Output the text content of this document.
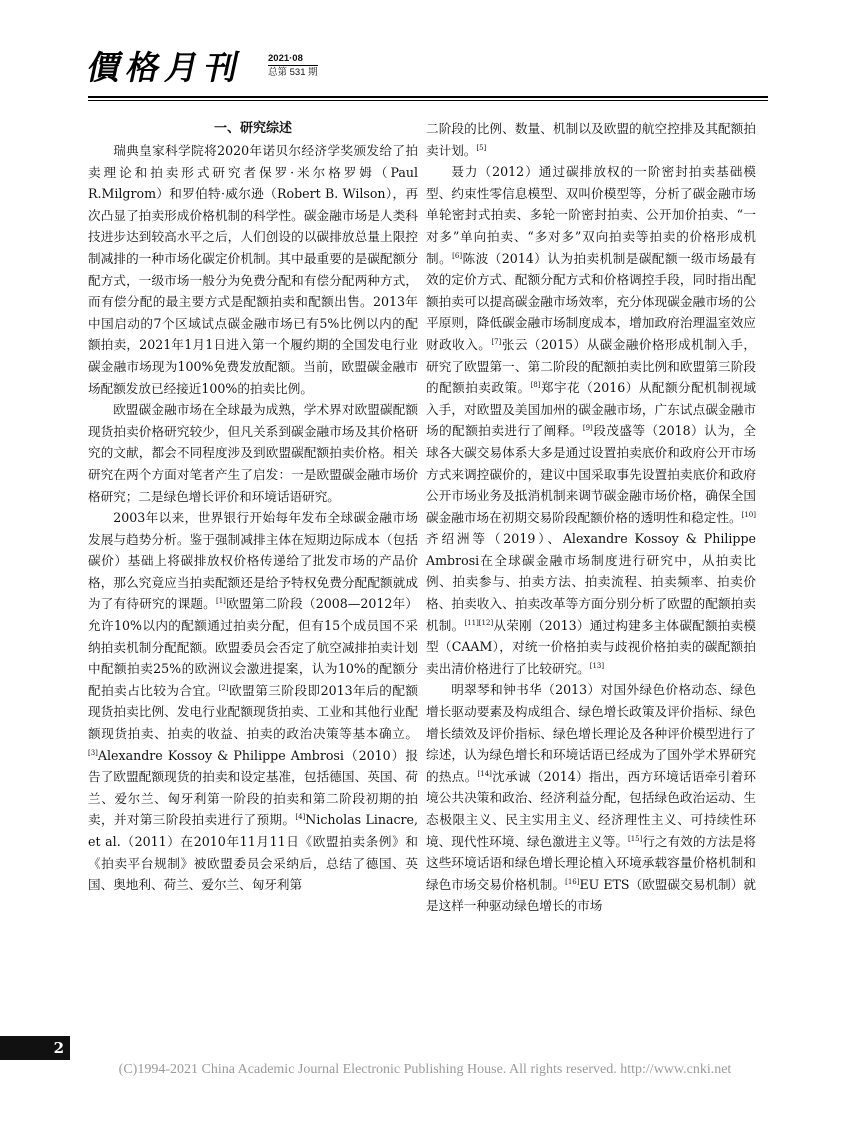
價格月刊 2021·08
总第 531 期
一、研究综述

瑞典皇家科学院将2020年诺贝尔经济学奖颁发给了拍卖理论和拍卖形式研究者保罗·米尔格罗姆（Paul R.Milgrom）和罗伯特·威尔逊（Robert B. Wilson），再次凸显了拍卖形成价格机制的科学性。碳金融市场是人类科技进步达到较高水平之后，人们创设的以碳排放总量上限控制减排的一种市场化碳定价机制。其中最重要的是碳配额分配方式，一级市场一般分为免费分配和有偿分配两种方式，而有偿分配的最主要方式是配额拍卖和配额出售。2013年中国启动的7个区域试点碳金融市场已有5%比例以内的配额拍卖，2021年1月1日进入第一个履约期的全国发电行业碳金融市场现为100%免费发放配额。当前，欧盟碳金融市场配额发放已经接近100%的拍卖比例。

欧盟碳金融市场在全球最为成熟，学术界对欧盟碳配额现货拍卖价格研究较少，但凡关系到碳金融市场及其价格研究的文献，都会不同程度涉及到欧盟碳配额拍卖价格。相关研究在两个方面对笔者产生了启发：一是欧盟碳金融市场价格研究；二是绿色增长评价和环境话语研究。

2003年以来，世界银行开始每年发布全球碳金融市场发展与趋势分析。鉴于强制减排主体在短期边际成本（包括碳价）基础上将碳排放权价格传递给了批发市场的产品价格，那么究竟应当拍卖配额还是给予特权免费分配配额就成为了有待研究的课题。[1]欧盟第二阶段（2008—2012年）允许10%以内的配额通过拍卖分配，但有15个成员国不采纳拍卖机制分配配额。欧盟委员会否定了航空减排拍卖计划中配额拍卖25%的欧洲议会激进提案，认为10%的配额分配拍卖占比较为合宜。[2]欧盟第三阶段即2013年后的配额现货拍卖比例、发电行业配额现货拍卖、工业和其他行业配额现货拍卖、拍卖的收益、拍卖的政治决策等基本确立。[3]Alexandre Kossoy & Philippe Ambrosi（2010）报告了欧盟配额现货的拍卖和设定基准，包括德国、英国、荷兰、爱尔兰、匈牙利第一阶段的拍卖和第二阶段初期的拍卖，并对第三阶段拍卖进行了预期。[4]Nicholas Linacre, et al.（2011）在2010年11月11日《欧盟拍卖条例》和《拍卖平台规制》被欧盟委员会采纳后，总结了德国、英国、奥地利、荷兰、爱尔兰、匈牙利第

二阶段的比例、数量、机制以及欧盟的航空控排及其配额拍卖计划。[5]

聂力（2012）通过碳排放权的一阶密封拍卖基础模型、约束性零信息模型、双叫价模型等，分析了碳金融市场单轮密封式拍卖、多轮一阶密封拍卖、公开加价拍卖、“一对多”单向拍卖、“多对多”双向拍卖等拍卖的价格形成机制。[6]陈波（2014）认为拍卖机制是碳配额一级市场最有效的定价方式、配额分配方式和价格调控手段，同时指出配额拍卖可以提高碳金融市场效率，充分体现碳金融市场的公平原则，降低碳金融市场制度成本，增加政府治理温室效应财政收入。[7]张云（2015）从碳金融价格形成机制入手，研究了欧盟第一、第二阶段的配额拍卖比例和欧盟第三阶段的配额拍卖政策。[8]郑宇花（2016）从配额分配机制视域入手，对欧盟及美国加州的碳金融市场，广东试点碳金融市场的配额拍卖进行了阐释。[9]段茂盛等（2018）认为，全球各大碳交易体系大多是通过设置拍卖底价和政府公开市场方式来调控碳价的，建议中国采取事先设置拍卖底价和政府公开市场业务及抵消机制来调节碳金融市场价格，确保全国碳金融市场在初期交易阶段配额价格的透明性和稳定性。[10]齐绍洲等（2019）、Alexandre Kossoy & Philippe Ambrosi在全球碳金融市场制度进行研究中，从拍卖比例、拍卖参与、拍卖方法、拍卖流程、拍卖频率、拍卖价格、拍卖收入、拍卖改革等方面分别分析了欧盟的配额拍卖机制。[11][12]从荣刚（2013）通过构建多主体碳配额拍卖模型（CAAM），对统一价格拍卖与歧视价格拍卖的碳配额拍卖出清价格进行了比较研究。[13]

明翠琴和钟书华（2013）对国外绿色价格动态、绿色增长驱动要素及构成组合、绿色增长政策及评价指标、绿色增长绩效及评价指标、绿色增长理论及各种评价模型进行了综述，认为绿色增长和环境话语已经成为了国外学术界研究的热点。[14]沈承诚（2014）指出，西方环境话语牵引着环境公共决策和政治、经济利益分配，包括绿色政治运动、生态极限主义、民主实用主义、经济理性主义、可持续性环境、现代性环境、绿色激进主义等。[15]行之有效的方法是将这些环境话语和绿色增长理论植入环境承载容量价格机制和绿色市场交易价格机制。[16]EU ETS（欧盟碳交易机制）就是这样一种驱动绿色增长的市场

2
(C)1994-2021 China Academic Journal Electronic Publishing House. All rights reserved. http://www.cnki.net
